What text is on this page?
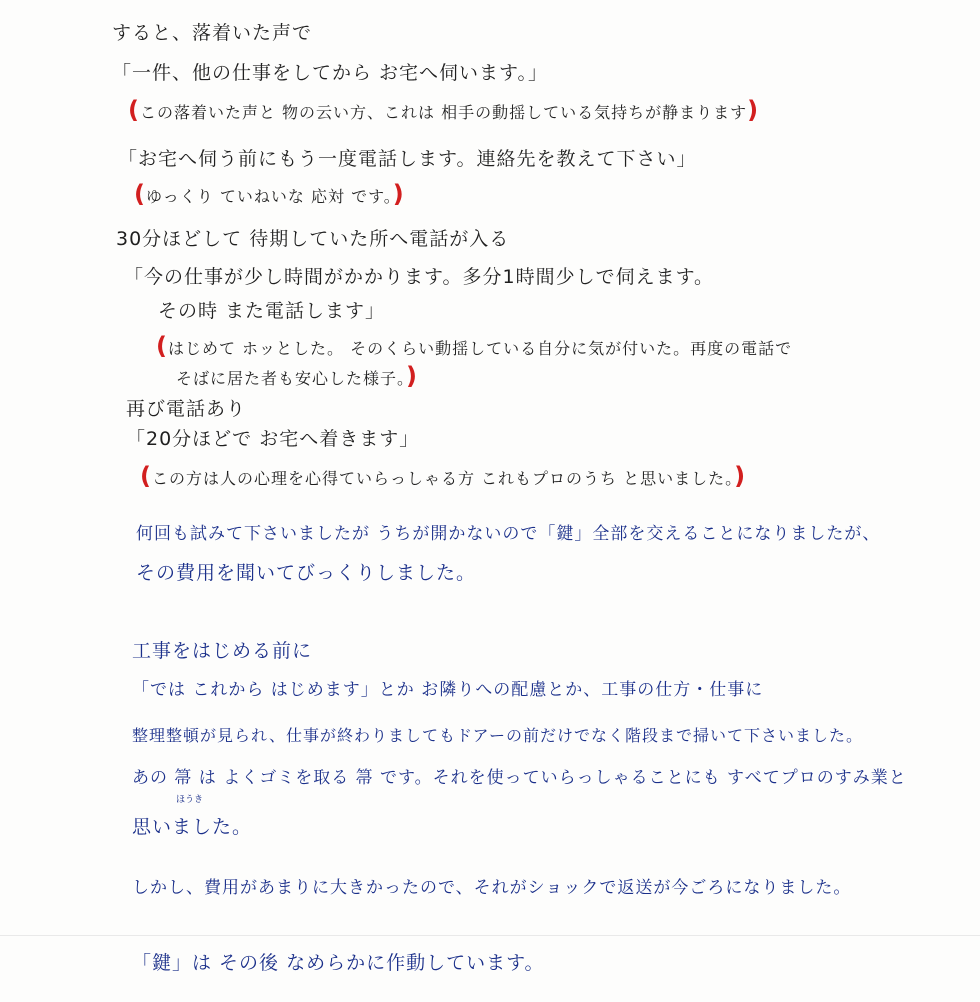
すると、落着いた声で
「一件、他の仕事をしてから お宅へ伺います。」
(この落着いた声と 物の云い方、これは 相手の動揺している気持ちが静まります)
「お宅へ伺う前にもう一度電話します。連絡先を教えて下さい」
(ゆっくり ていねいな 応対 です。)
30分ほどして 待期していた所へ電話が入る
「今の仕事が少し時間がかかります。多分1時間少しで伺えます。
その時 また電話します」
(はじめて ホッとした。 そのくらい動揺している自分に気が付いた。再度の電話で
そばに居た者も安心した様子。)
再び電話あり
「20分ほどで お宅へ着きます」
(この方は人の心理を心得ていらっしゃる方 これもプロのうち と思いました。)
何回も試みて下さいましたが うちが開かないので「鍵」全部を交えることになりましたが、
その費用を聞いてびっくりしました。
工事をはじめる前に
「では これから はじめます」とか お隣りへの配慮とか、工事の仕方・仕事に
整理整頓が見られ、仕事が終わりましてもドアーの前だけでなく階段まで掃いて下さいました。
あの 箒 は よくゴミを取る 箒 です。それを使っていらっしゃることにも すべてプロのすみ業と
ほうき
思いました。
しかし、費用があまりに大きかったので、それがショックで返送が今ごろになりました。
「鍵」は その後 なめらかに作動しています。
